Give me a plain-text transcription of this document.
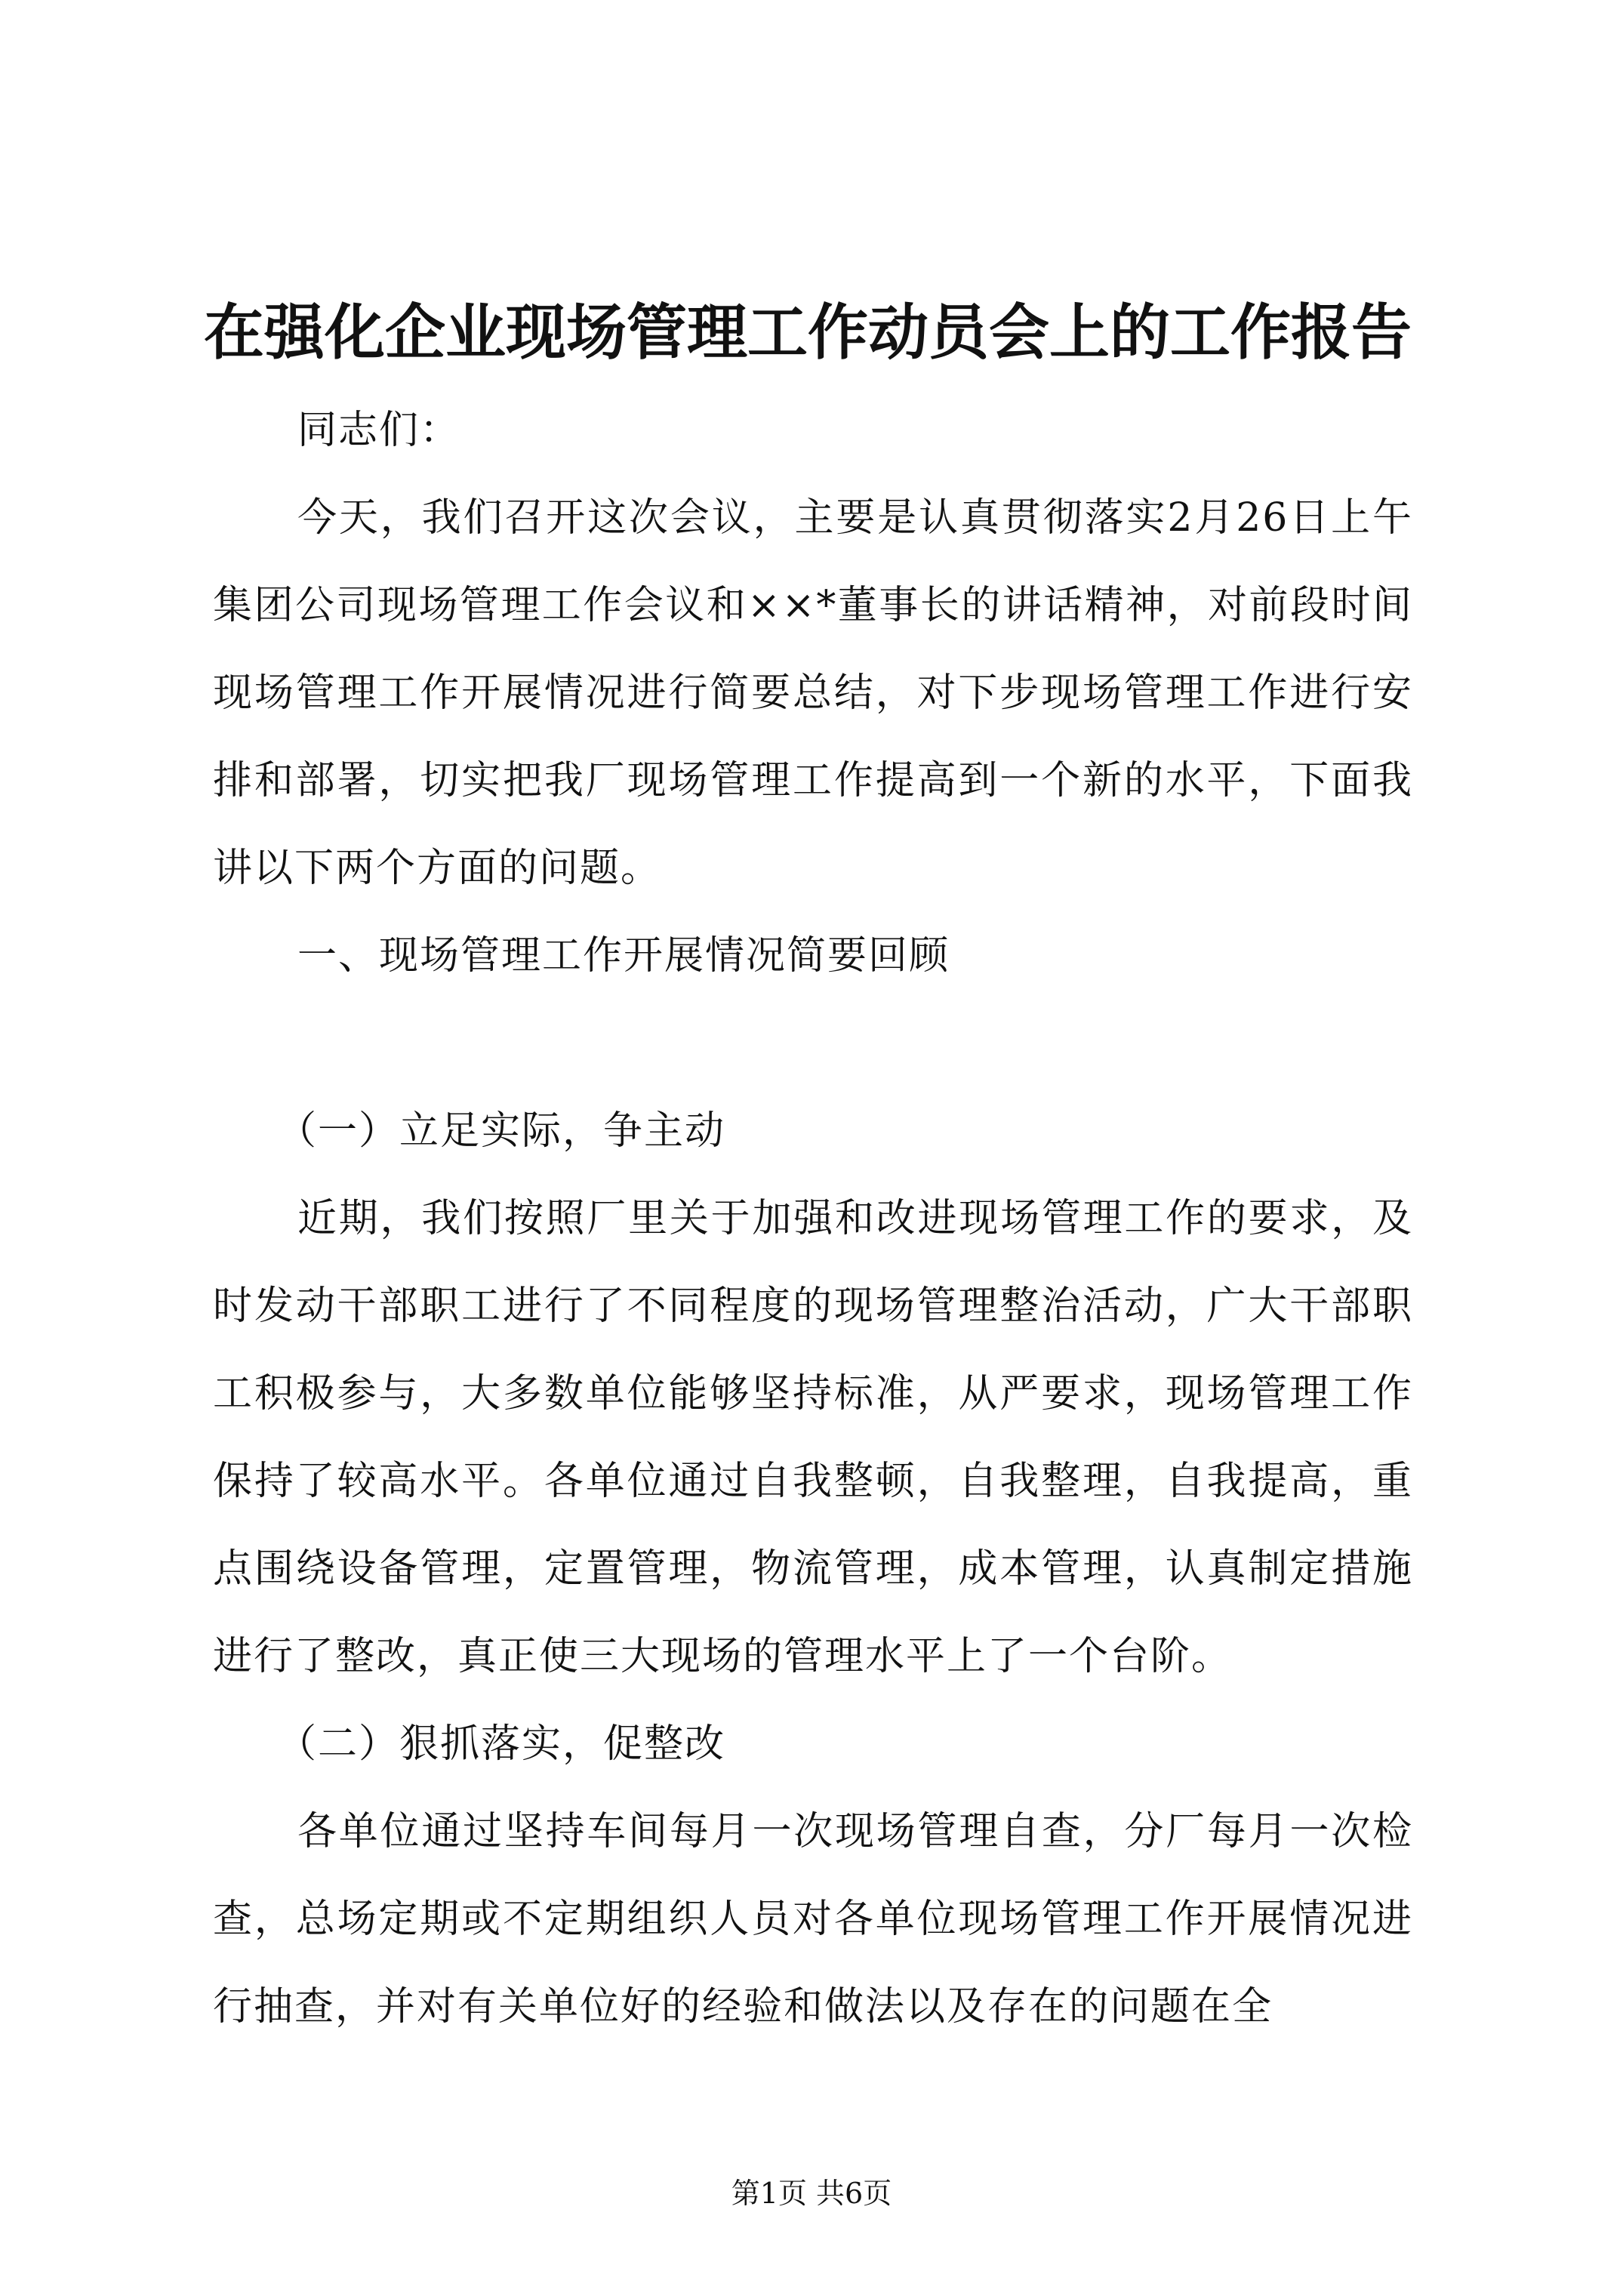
在强化企业现场管理工作动员会上的工作报告

同志们：

今天，我们召开这次会议，主要是认真贯彻落实2月26日上午集团公司现场管理工作会议和××*董事长的讲话精神，对前段时间现场管理工作开展情况进行简要总结，对下步现场管理工作进行安排和部署，切实把我厂现场管理工作提高到一个新的水平，下面我讲以下两个方面的问题。

一、现场管理工作开展情况简要回顾

（一）立足实际，争主动

近期，我们按照厂里关于加强和改进现场管理工作的要求，及时发动干部职工进行了不同程度的现场管理整治活动，广大干部职工积极参与，大多数单位能够坚持标准，从严要求，现场管理工作保持了较高水平。各单位通过自我整顿，自我整理，自我提高，重点围绕设备管理，定置管理，物流管理，成本管理，认真制定措施进行了整改，真正使三大现场的管理水平上了一个台阶。

（二）狠抓落实，促整改

各单位通过坚持车间每月一次现场管理自查，分厂每月一次检查，总场定期或不定期组织人员对各单位现场管理工作开展情况进行抽查，并对有关单位好的经验和做法以及存在的问题在全

第1页 共6页
